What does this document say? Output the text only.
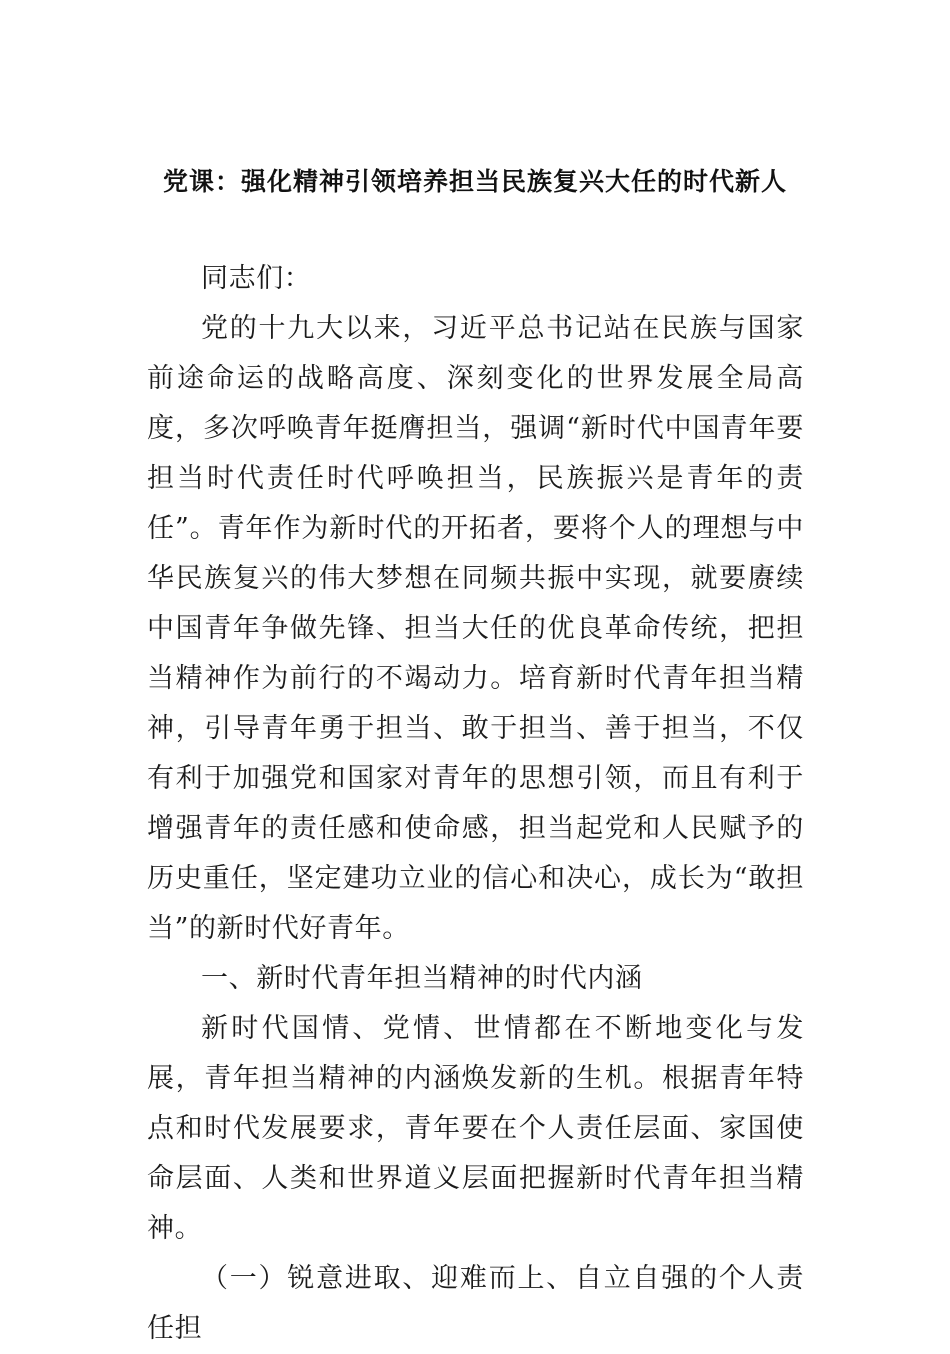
党课：强化精神引领培养担当民族复兴大任的时代新人

同志们：

党的十九大以来，习近平总书记站在民族与国家前途命运的战略高度、深刻变化的世界发展全局高度，多次呼唤青年挺膺担当，强调“新时代中国青年要担当时代责任时代呼唤担当，民族振兴是青年的责任”。青年作为新时代的开拓者，要将个人的理想与中华民族复兴的伟大梦想在同频共振中实现，就要赓续中国青年争做先锋、担当大任的优良革命传统，把担当精神作为前行的不竭动力。培育新时代青年担当精神，引导青年勇于担当、敢于担当、善于担当，不仅有利于加强党和国家对青年的思想引领，而且有利于增强青年的责任感和使命感，担当起党和人民赋予的历史重任，坚定建功立业的信心和决心，成长为“敢担当”的新时代好青年。

一、新时代青年担当精神的时代内涵

新时代国情、党情、世情都在不断地变化与发展，青年担当精神的内涵焕发新的生机。根据青年特点和时代发展要求，青年要在个人责任层面、家国使命层面、人类和世界道义层面把握新时代青年担当精神。

（一）锐意进取、迎难而上、自立自强的个人责任担
